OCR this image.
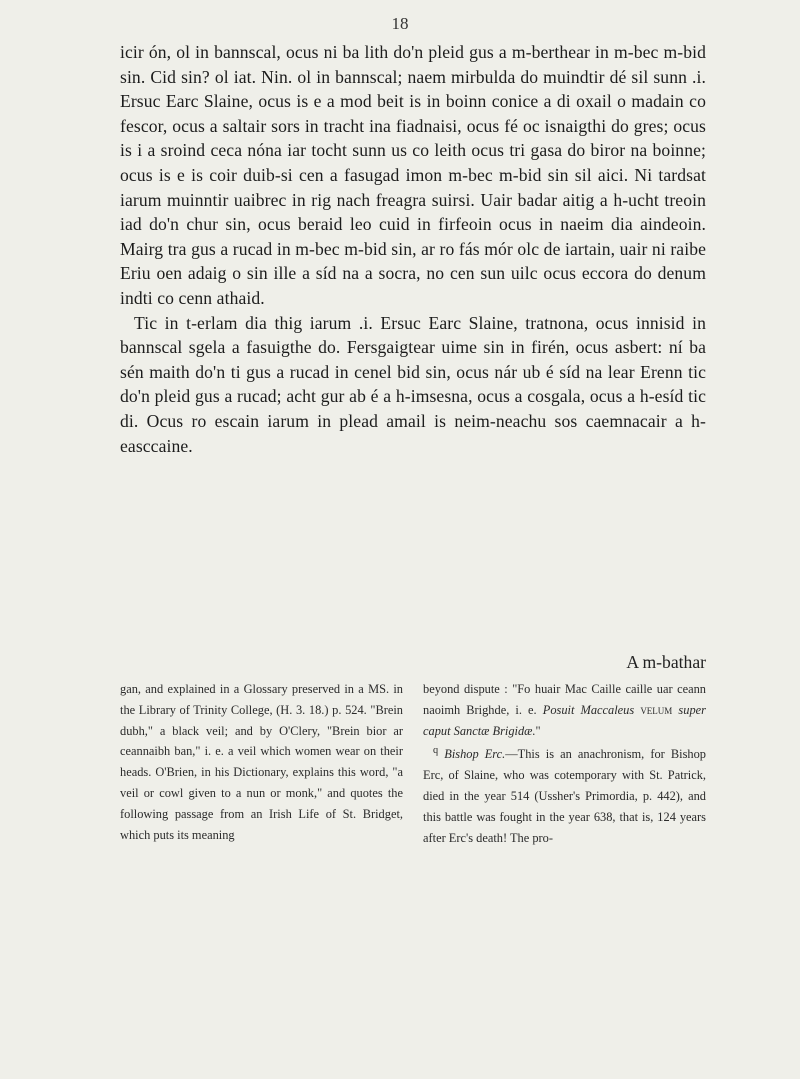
18

icir ón, ol in bannscal, ocus ni ba lith do'n pleid gus a m-berthear in m-bec m-bid sin. Cid sin? ol iat. Nin. ol in bannscal; naem mirbulda do muindtir dé sil sunn .i. Ersuc Earc Slaine, ocus is e a mod beit is in boinn conice a di oxail o madain co fescor, ocus a saltair sors in tracht ina fiadnaisi, ocus fé oc isnaigthi do gres; ocus is i a sroind ceca nóna iar tocht sunn us co leith ocus tri gasa do biror na boinne; ocus is e is coir duib-si cen a fasugad imon m-bec m-bid sin sil aici. Ni tardsat iarum muinntir uaibrec in rig nach freagra suirsi. Uair badar aitig a h-ucht treoin iad do'n chur sin, ocus beraid leo cuid in firfeoin ocus in naeim dia aindeoin. Mairg tra gus a rucad in m-bec m-bid sin, ar ro fás mór olc de iartain, uair ni raibe Eriu oen adaig o sin ille a síd na a socra, no cen sun uilc ocus eccora do denum indti co cenn athaid.

Tic in t-erlam dia thig iarum .i. Ersuc Earc Slaine, tratnona, ocus innisid in bannscal sgela a fasuigthe do. Fersgaigtear uime sin in firén, ocus asbert: ní ba sén maith do'n ti gus a rucad in cenel bid sin, ocus nár ub é síd na lear Erenn tic do'n pleid gus a rucad; acht gur ab é a h-imsesna, ocus a cosgala, ocus a h-esíd tic di. Ocus ro escain iarum in plead amail is neim-neachu sos caemnacair a h-easccaine.

A m-bathar

gan, and explained in a Glossary preserved in a MS. in the Library of Trinity College, (H. 3. 18.) p. 524. "Brein dubh," a black veil; and by O'Clery, "Brein bior ar ceannaibh ban," i. e. a veil which women wear on their heads. O'Brien, in his Dictionary, explains this word, "a veil or cowl given to a nun or monk," and quotes the following passage from an Irish Life of St. Bridget, which puts its meaning

beyond dispute : "Fo huair Mac Caille caille uar ceann naoimh Brighde, i. e. Posuit Maccaleus velum super caput Sanctæ Brigidæ."

$^q$ Bishop Erc.—This is an anachronism, for Bishop Erc, of Slaine, who was cotemporary with St. Patrick, died in the year 514 (Ussher's Primordia, p. 442), and this battle was fought in the year 638, that is, 124 years after Erc's death! The pro-
